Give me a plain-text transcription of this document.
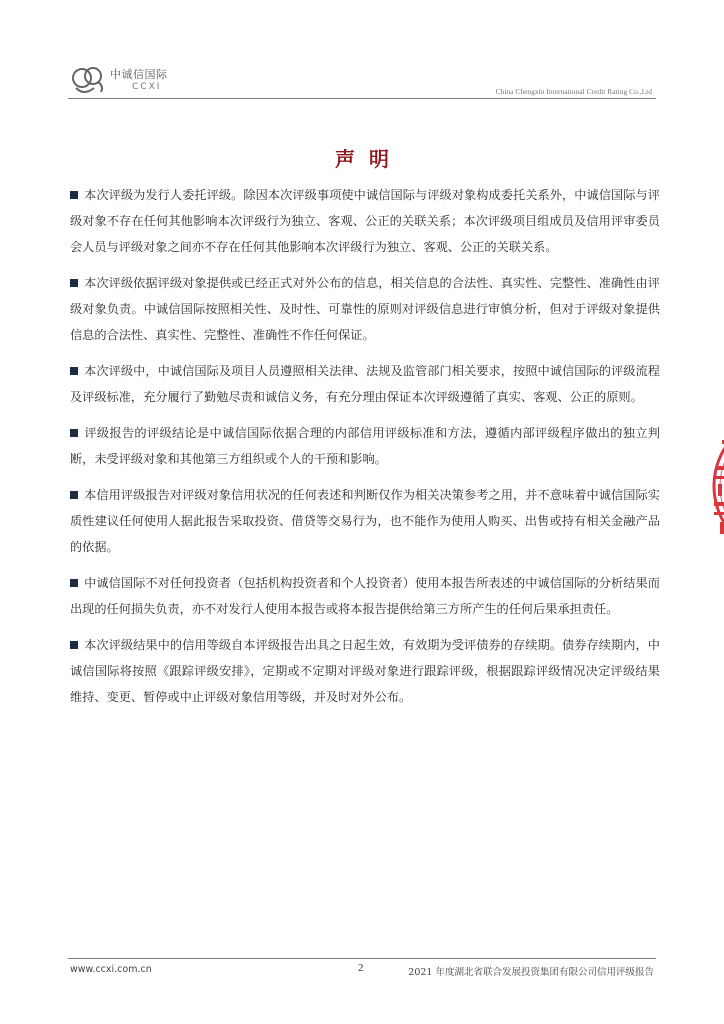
中诚信国际
CCXI	China Chengxin International Credit Rating Co.,Ltd
声明

本次评级为发行人委托评级。除因本次评级事项使中诚信国际与评级对象构成委托关系外，中诚信国际与评级对象不存在任何其他影响本次评级行为独立、客观、公正的关联关系；本次评级项目组成员及信用评审委员会人员与评级对象之间亦不存在任何其他影响本次评级行为独立、客观、公正的关联关系。

本次评级依据评级对象提供或已经正式对外公布的信息，相关信息的合法性、真实性、完整性、准确性由评级对象负责。中诚信国际按照相关性、及时性、可靠性的原则对评级信息进行审慎分析，但对于评级对象提供信息的合法性、真实性、完整性、准确性不作任何保证。

本次评级中，中诚信国际及项目人员遵照相关法律、法规及监管部门相关要求，按照中诚信国际的评级流程及评级标准，充分履行了勤勉尽责和诚信义务，有充分理由保证本次评级遵循了真实、客观、公正的原则。

评级报告的评级结论是中诚信国际依据合理的内部信用评级标准和方法，遵循内部评级程序做出的独立判断，未受评级对象和其他第三方组织或个人的干预和影响。

本信用评级报告对评级对象信用状况的任何表述和判断仅作为相关决策参考之用，并不意味着中诚信国际实质性建议任何使用人据此报告采取投资、借贷等交易行为，也不能作为使用人购买、出售或持有相关金融产品的依据。

中诚信国际不对任何投资者（包括机构投资者和个人投资者）使用本报告所表述的中诚信国际的分析结果而出现的任何损失负责，亦不对发行人使用本报告或将本报告提供给第三方所产生的任何后果承担责任。

本次评级结果中的信用等级自本评级报告出具之日起生效，有效期为受评债券的存续期。债券存续期内，中诚信国际将按照《跟踪评级安排》，定期或不定期对评级对象进行跟踪评级，根据跟踪评级情况决定评级结果维持、变更、暂停或中止评级对象信用等级，并及时对外公布。

www.ccxi.com.cn	2	2021 年度湖北省联合发展投资集团有限公司信用评级报告
